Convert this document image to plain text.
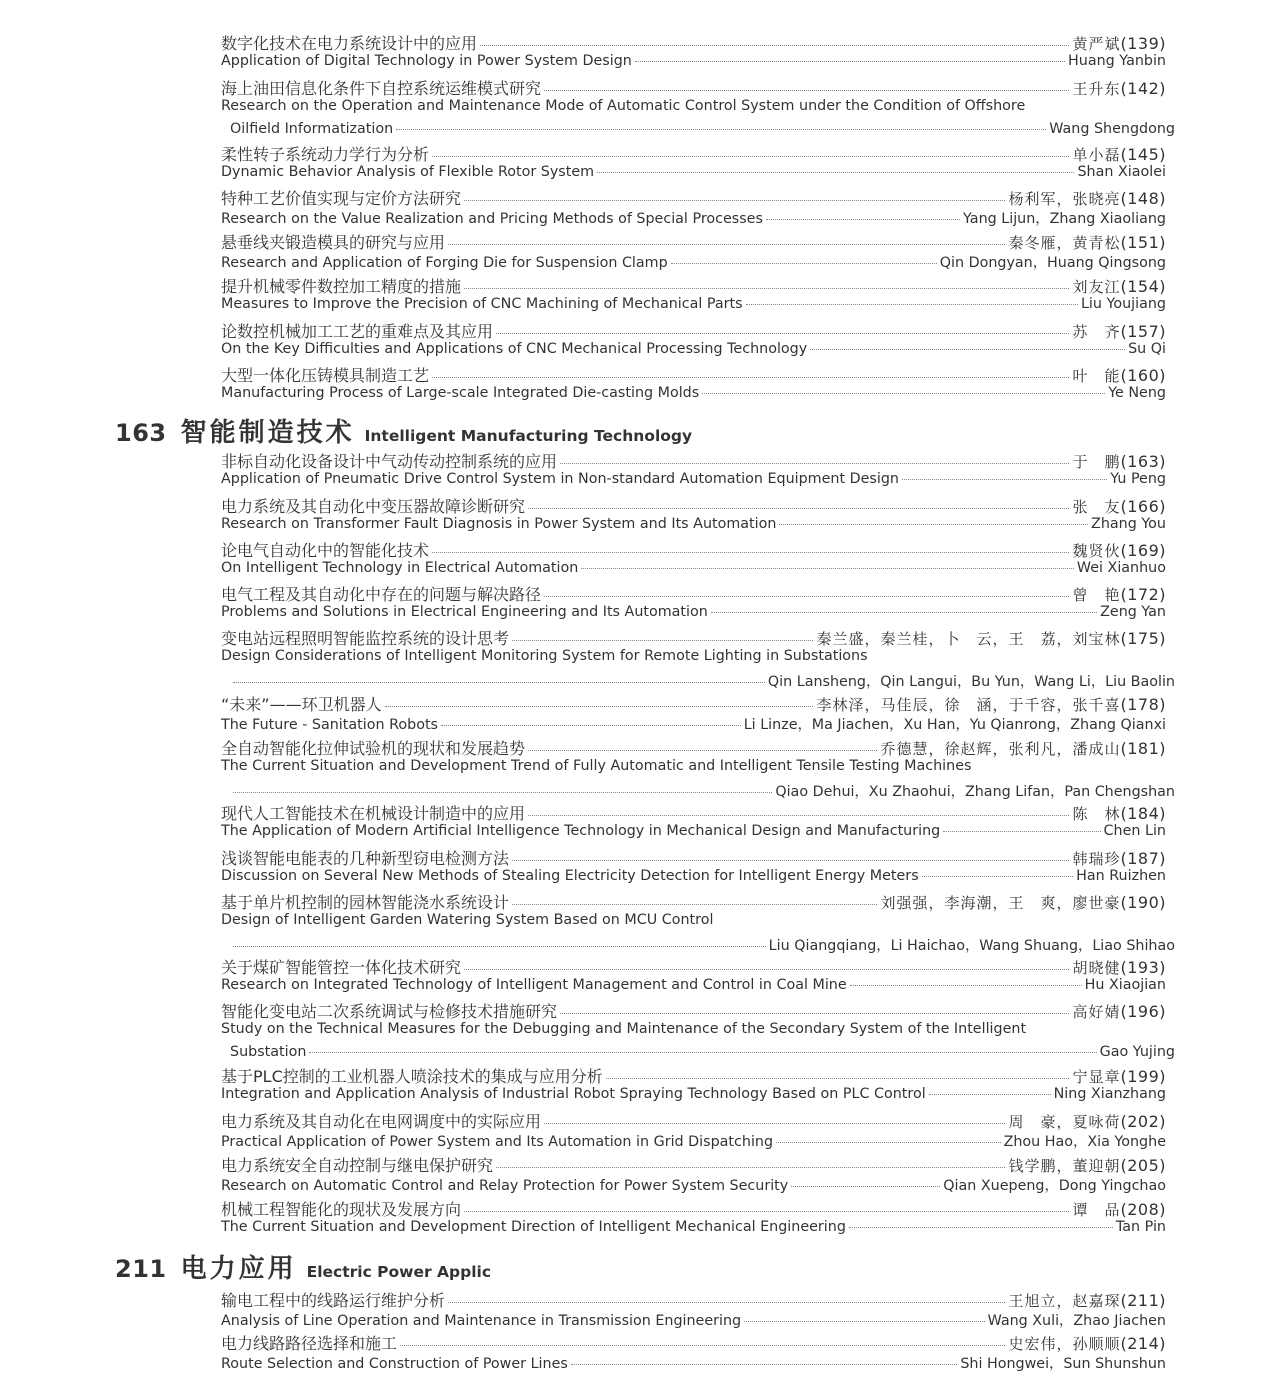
163 智能制造技术 Intelligent Manufacturing Technology
211 电力应用 Electric Power Applic
数字化技术在电力系统设计中的应用	黄严斌(139)
Application of Digital Technology in Power System Design	Huang Yanbin
海上油田信息化条件下自控系统运维模式研究	王升东(142)
Research on the Operation and Maintenance Mode of Automatic Control System under the Condition of Offshore
Oilfield Informatization	Wang Shengdong
柔性转子系统动力学行为分析	单小磊(145)
Dynamic Behavior Analysis of Flexible Rotor System	Shan Xiaolei
特种工艺价值实现与定价方法研究	杨利军，张晓亮(148)
Research on the Value Realization and Pricing Methods of Special Processes	Yang Lijun，Zhang Xiaoliang
悬垂线夹锻造模具的研究与应用	秦冬雁，黄青松(151)
Research and Application of Forging Die for Suspension Clamp	Qin Dongyan，Huang Qingsong
提升机械零件数控加工精度的措施	刘友江(154)
Measures to Improve the Precision of CNC Machining of Mechanical Parts	Liu Youjiang
论数控机械加工工艺的重难点及其应用	苏　齐(157)
On the Key Difficulties and Applications of CNC Mechanical Processing Technology	Su Qi
大型一体化压铸模具制造工艺	叶　能(160)
Manufacturing Process of Large-scale Integrated Die-casting Molds	Ye Neng
非标自动化设备设计中气动传动控制系统的应用	于　鹏(163)
Application of Pneumatic Drive Control System in Non-standard Automation Equipment Design	Yu Peng
电力系统及其自动化中变压器故障诊断研究	张　友(166)
Research on Transformer Fault Diagnosis in Power System and Its Automation	Zhang You
论电气自动化中的智能化技术	魏贤伙(169)
On Intelligent Technology in Electrical Automation	Wei Xianhuo
电气工程及其自动化中存在的问题与解决路径	曾　艳(172)
Problems and Solutions in Electrical Engineering and Its Automation	Zeng Yan
变电站远程照明智能监控系统的设计思考	秦兰盛，秦兰桂，卜　云，王　荔，刘宝林(175)
Design Considerations of Intelligent Monitoring System for Remote Lighting in Substations
Qin Lansheng，Qin Langui，Bu Yun，Wang Li，Liu Baolin
“未来”——环卫机器人	李林泽，马佳辰，徐　涵，于千容，张千喜(178)
The Future - Sanitation Robots	Li Linze，Ma Jiachen，Xu Han，Yu Qianrong，Zhang Qianxi
全自动智能化拉伸试验机的现状和发展趋势	乔德慧，徐赵辉，张利凡，潘成山(181)
The Current Situation and Development Trend of Fully Automatic and Intelligent Tensile Testing Machines
Qiao Dehui，Xu Zhaohui，Zhang Lifan，Pan Chengshan
现代人工智能技术在机械设计制造中的应用	陈　林(184)
The Application of Modern Artificial Intelligence Technology in Mechanical Design and Manufacturing	Chen Lin
浅谈智能电能表的几种新型窃电检测方法	韩瑞珍(187)
Discussion on Several New Methods of Stealing Electricity Detection for Intelligent Energy Meters	Han Ruizhen
基于单片机控制的园林智能浇水系统设计	刘强强，李海潮，王　爽，廖世豪(190)
Design of Intelligent Garden Watering System Based on MCU Control
Liu Qiangqiang，Li Haichao，Wang Shuang，Liao Shihao
关于煤矿智能管控一体化技术研究	胡晓健(193)
Research on Integrated Technology of Intelligent Management and Control in Coal Mine	Hu Xiaojian
智能化变电站二次系统调试与检修技术措施研究	高好婧(196)
Study on the Technical Measures for the Debugging and Maintenance of the Secondary System of the Intelligent
Substation	Gao Yujing
基于PLC控制的工业机器人喷涂技术的集成与应用分析	宁显章(199)
Integration and Application Analysis of Industrial Robot Spraying Technology Based on PLC Control	Ning Xianzhang
电力系统及其自动化在电网调度中的实际应用	周　豪，夏咏荷(202)
Practical Application of Power System and Its Automation in Grid Dispatching	Zhou Hao，Xia Yonghe
电力系统安全自动控制与继电保护研究	钱学鹏，董迎朝(205)
Research on Automatic Control and Relay Protection for Power System Security	Qian Xuepeng，Dong Yingchao
机械工程智能化的现状及发展方向	谭　品(208)
The Current Situation and Development Direction of Intelligent Mechanical Engineering	Tan Pin
输电工程中的线路运行维护分析	王旭立，赵嘉琛(211)
Analysis of Line Operation and Maintenance in Transmission Engineering	Wang Xuli，Zhao Jiachen
电力线路路径选择和施工	史宏伟，孙顺顺(214)
Route Selection and Construction of Power Lines	Shi Hongwei，Sun Shunshun
